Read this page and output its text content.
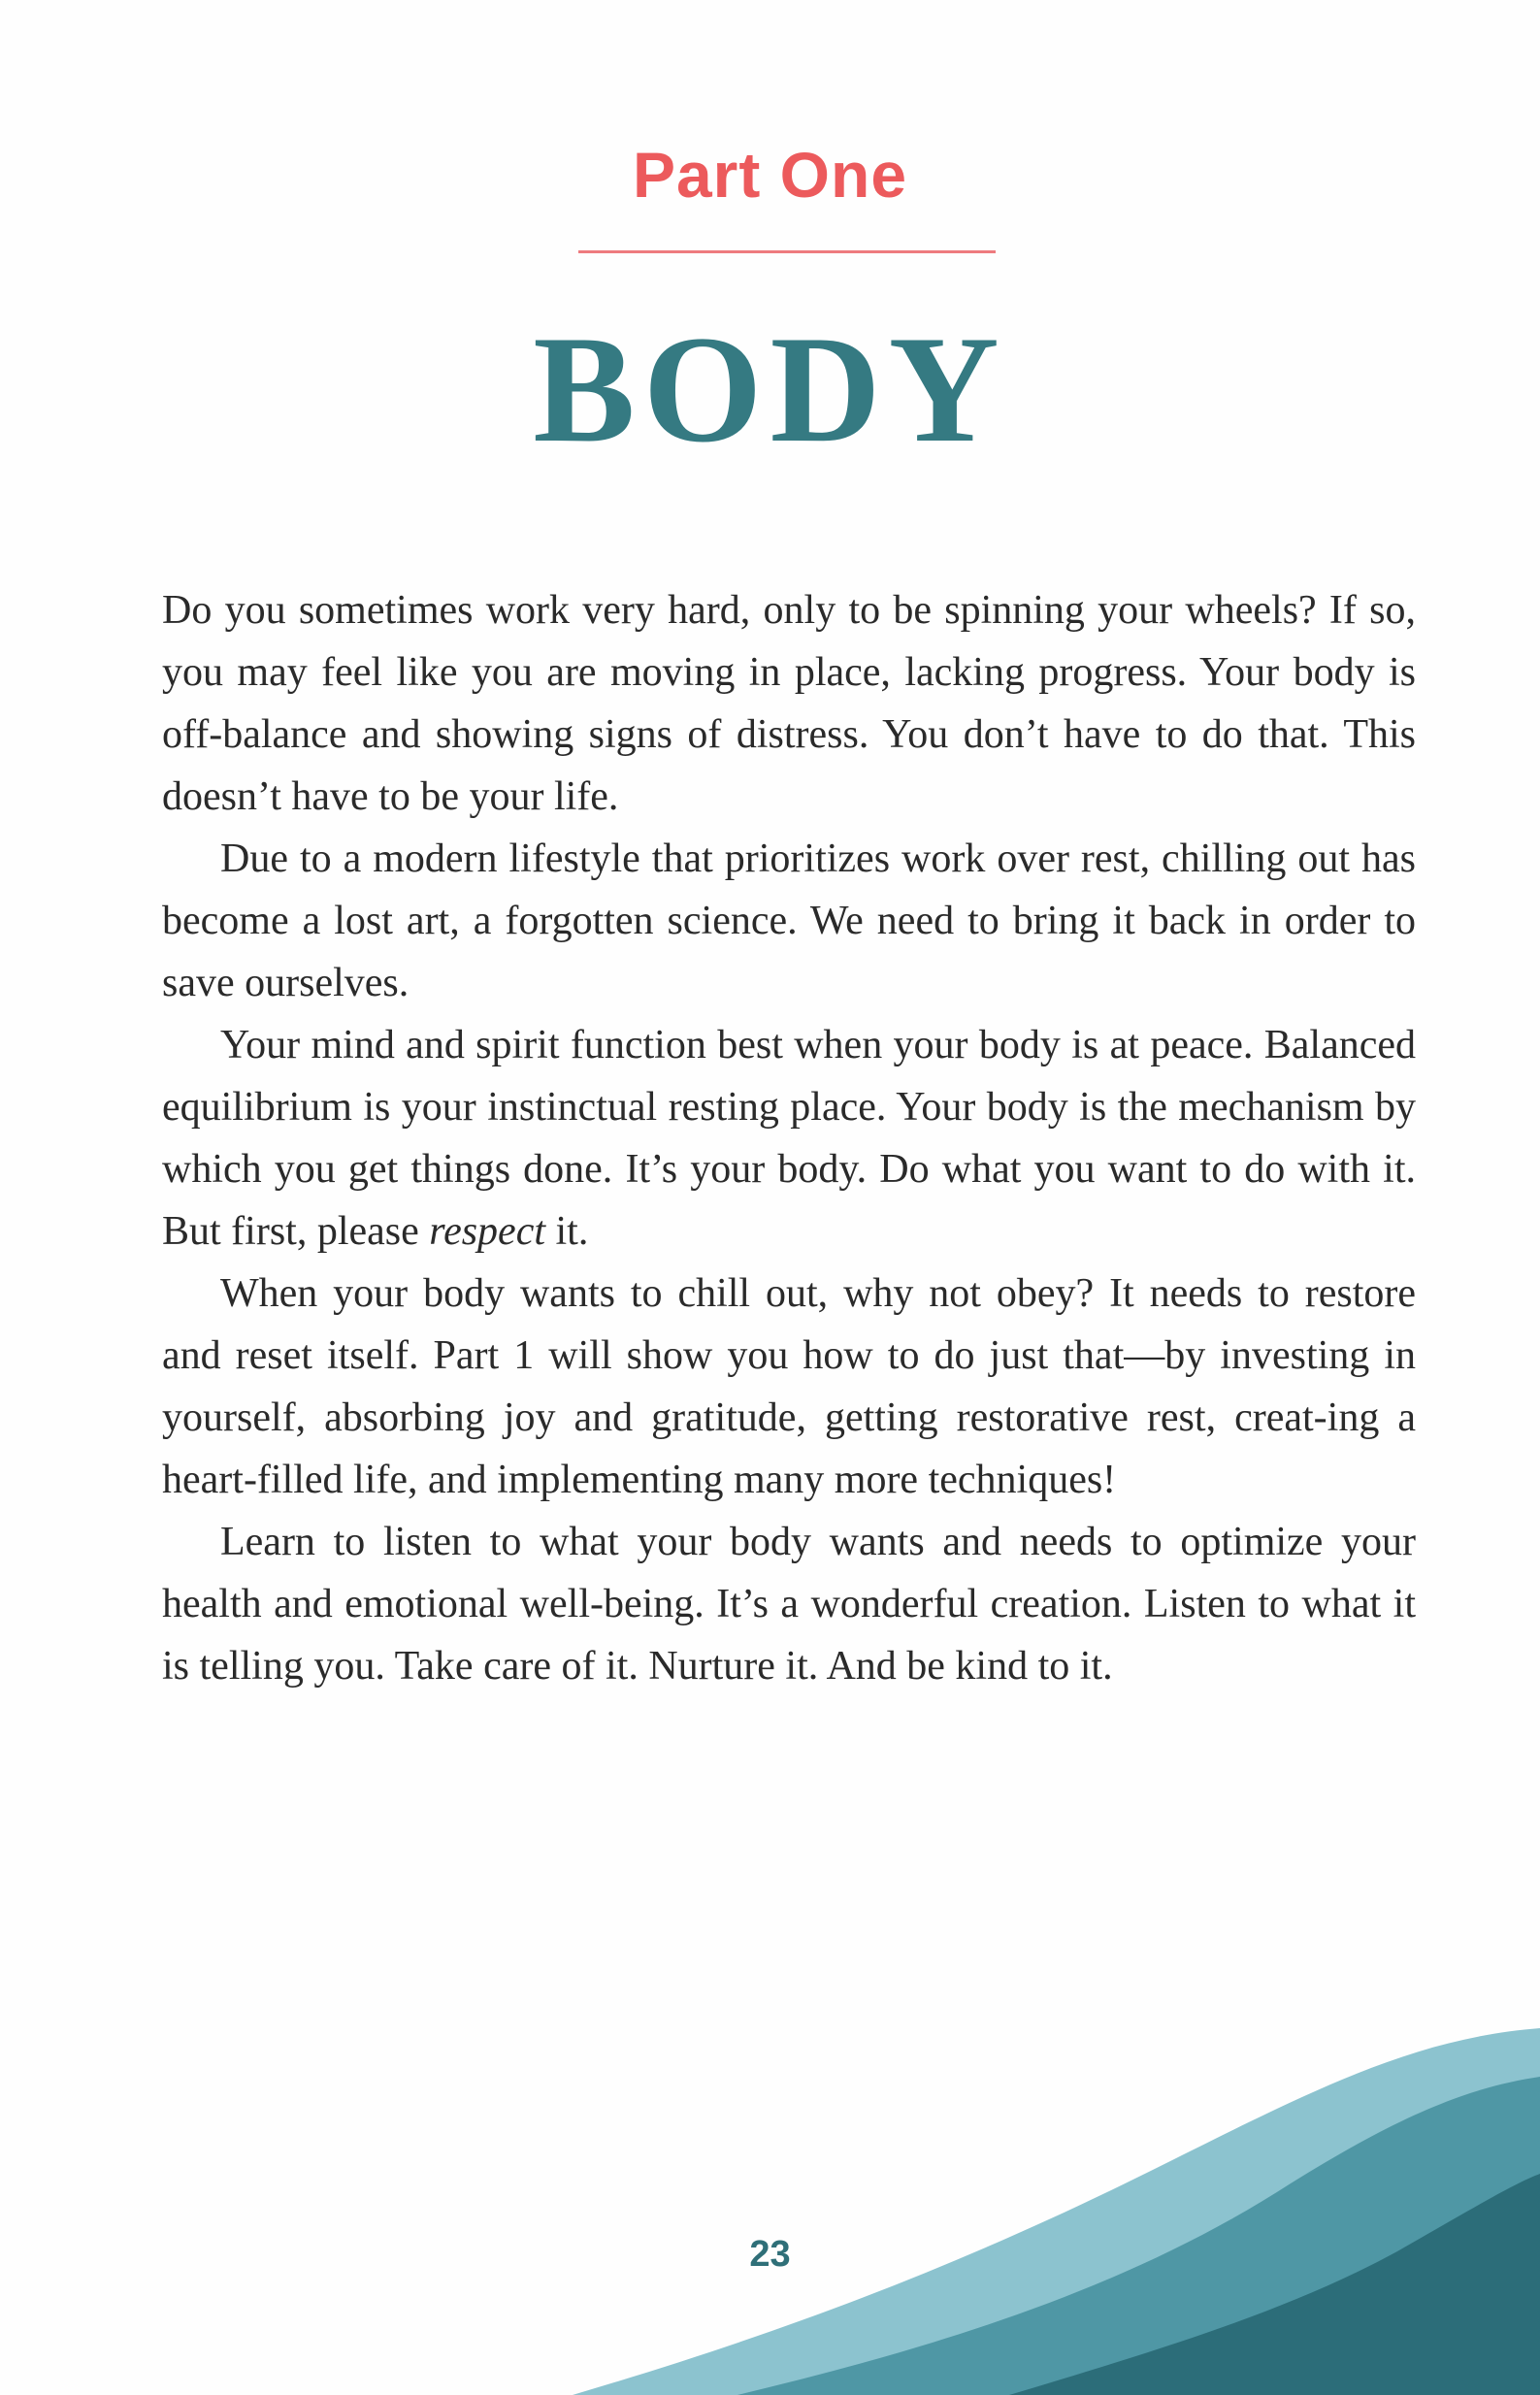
Part One
BODY

Do you sometimes work very hard, only to be spinning your wheels? If so, you may feel like you are moving in place, lacking progress. Your body is off-balance and showing signs of distress. You don’t have to do that. This doesn’t have to be your life.

Due to a modern lifestyle that prioritizes work over rest, chilling out has become a lost art, a forgotten science. We need to bring it back in order to save ourselves.

Your mind and spirit function best when your body is at peace. Balanced equilibrium is your instinctual resting place. Your body is the mechanism by which you get things done. It’s your body. Do what you want to do with it. But first, please respect it.

When your body wants to chill out, why not obey? It needs to restore and reset itself. Part 1 will show you how to do just that—by investing in yourself, absorbing joy and gratitude, getting restorative rest, creat-ing a heart-filled life, and implementing many more techniques!

Learn to listen to what your body wants and needs to optimize your health and emotional well-being. It’s a wonderful creation. Listen to what it is telling you. Take care of it. Nurture it. And be kind to it.

23
